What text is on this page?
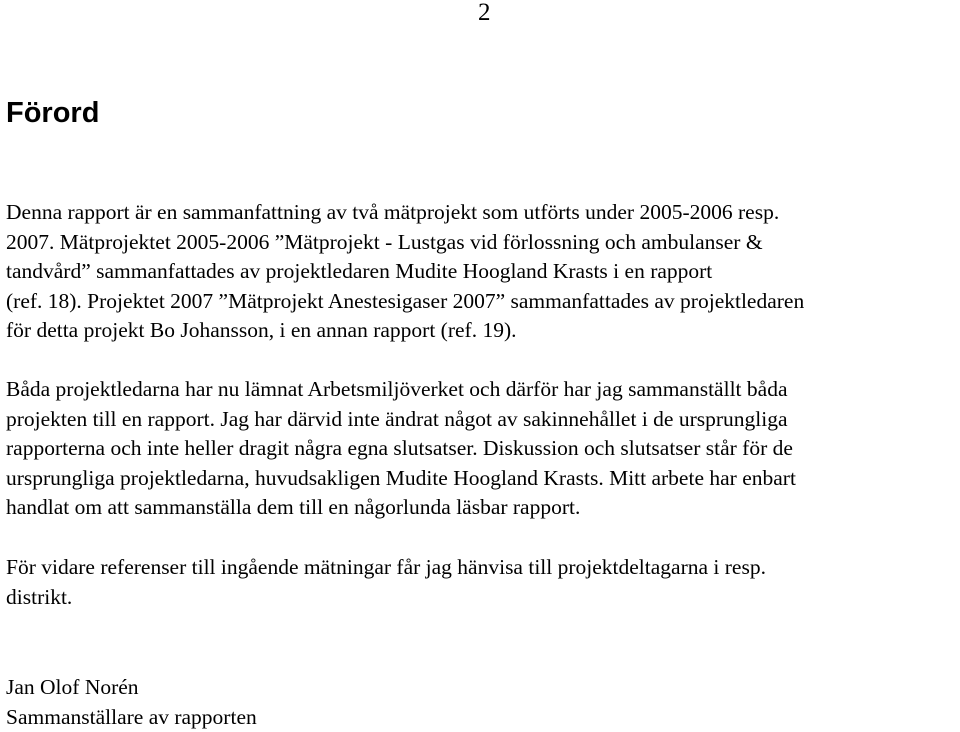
2
Förord

Denna rapport är en sammanfattning av två mätprojekt som utförts under 2005-2006 resp.
2007. Mätprojektet 2005-2006 ”Mätprojekt - Lustgas vid förlossning och ambulanser &
tandvård” sammanfattades av projektledaren Mudite Hoogland Krasts i en rapport
(ref. 18). Projektet 2007 ”Mätprojekt Anestesigaser 2007” sammanfattades av projektledaren
för detta projekt Bo Johansson, i en annan rapport (ref. 19).

Båda projektledarna har nu lämnat Arbetsmiljöverket och därför har jag sammanställt båda
projekten till en rapport. Jag har därvid inte ändrat något av sakinnehållet i de ursprungliga
rapporterna och inte heller dragit några egna slutsatser. Diskussion och slutsatser står för de
ursprungliga projektledarna, huvudsakligen Mudite Hoogland Krasts. Mitt arbete har enbart
handlat om att sammanställa dem till en någorlunda läsbar rapport.

För vidare referenser till ingående mätningar får jag hänvisa till projektdeltagarna i resp.
distrikt.

Jan Olof Norén
Sammanställare av rapporten
